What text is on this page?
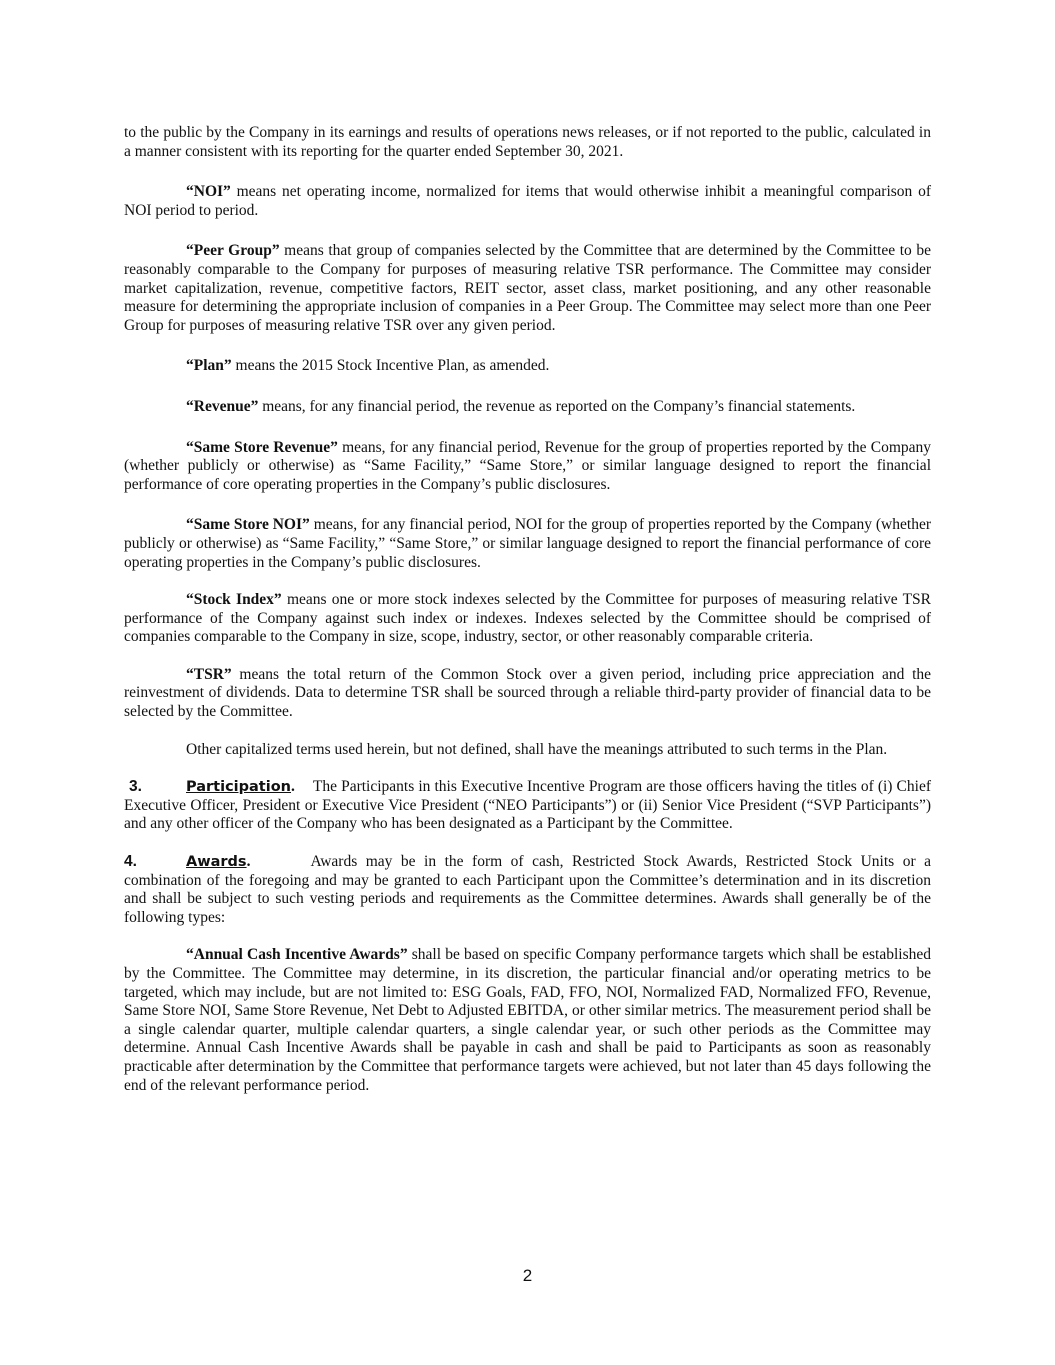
to the public by the Company in its earnings and results of operations news releases, or if not reported to the public, calculated in a manner consistent with its reporting for the quarter ended September 30, 2021.

“NOI” means net operating income, normalized for items that would otherwise inhibit a meaningful comparison of NOI period to period.

“Peer Group” means that group of companies selected by the Committee that are determined by the Committee to be reasonably comparable to the Company for purposes of measuring relative TSR performance. The Committee may consider market capitalization, revenue, competitive factors, REIT sector, asset class, market positioning, and any other reasonable measure for determining the appropriate inclusion of companies in a Peer Group. The Committee may select more than one Peer Group for purposes of measuring relative TSR over any given period.

“Plan” means the 2015 Stock Incentive Plan, as amended.

“Revenue” means, for any financial period, the revenue as reported on the Company’s financial statements.

“Same Store Revenue” means, for any financial period, Revenue for the group of properties reported by the Company (whether publicly or otherwise) as “Same Facility,” “Same Store,” or similar language designed to report the financial performance of core operating properties in the Company’s public disclosures.

“Same Store NOI” means, for any financial period, NOI for the group of properties reported by the Company (whether publicly or otherwise) as “Same Facility,” “Same Store,” or similar language designed to report the financial performance of core operating properties in the Company’s public disclosures.

“Stock Index” means one or more stock indexes selected by the Committee for purposes of measuring relative TSR performance of the Company against such index or indexes. Indexes selected by the Committee should be comprised of companies comparable to the Company in size, scope, industry, sector, or other reasonably comparable criteria.

“TSR” means the total return of the Common Stock over a given period, including price appreciation and the reinvestment of dividends. Data to determine TSR shall be sourced through a reliable third-party provider of financial data to be selected by the Committee.

Other capitalized terms used herein, but not defined, shall have the meanings attributed to such terms in the Plan.

3.	Participation. The Participants in this Executive Incentive Program are those officers having the titles of (i) Chief Executive Officer, President or Executive Vice President (“NEO Participants”) or (ii) Senior Vice President (“SVP Participants”) and any other officer of the Company who has been designated as a Participant by the Committee.

4.	Awards.	Awards may be in the form of cash, Restricted Stock Awards, Restricted Stock Units or a combination of the foregoing and may be granted to each Participant upon the Committee’s determination and in its discretion and shall be subject to such vesting periods and requirements as the Committee determines. Awards shall generally be of the following types:

“Annual Cash Incentive Awards” shall be based on specific Company performance targets which shall be established by the Committee. The Committee may determine, in its discretion, the particular financial and/or operating metrics to be targeted, which may include, but are not limited to: ESG Goals, FAD, FFO, NOI, Normalized FAD, Normalized FFO, Revenue, Same Store NOI, Same Store Revenue, Net Debt to Adjusted EBITDA, or other similar metrics. The measurement period shall be a single calendar quarter, multiple calendar quarters, a single calendar year, or such other periods as the Committee may determine. Annual Cash Incentive Awards shall be payable in cash and shall be paid to Participants as soon as reasonably practicable after determination by the Committee that performance targets were achieved, but not later than 45 days following the end of the relevant performance period.

2
